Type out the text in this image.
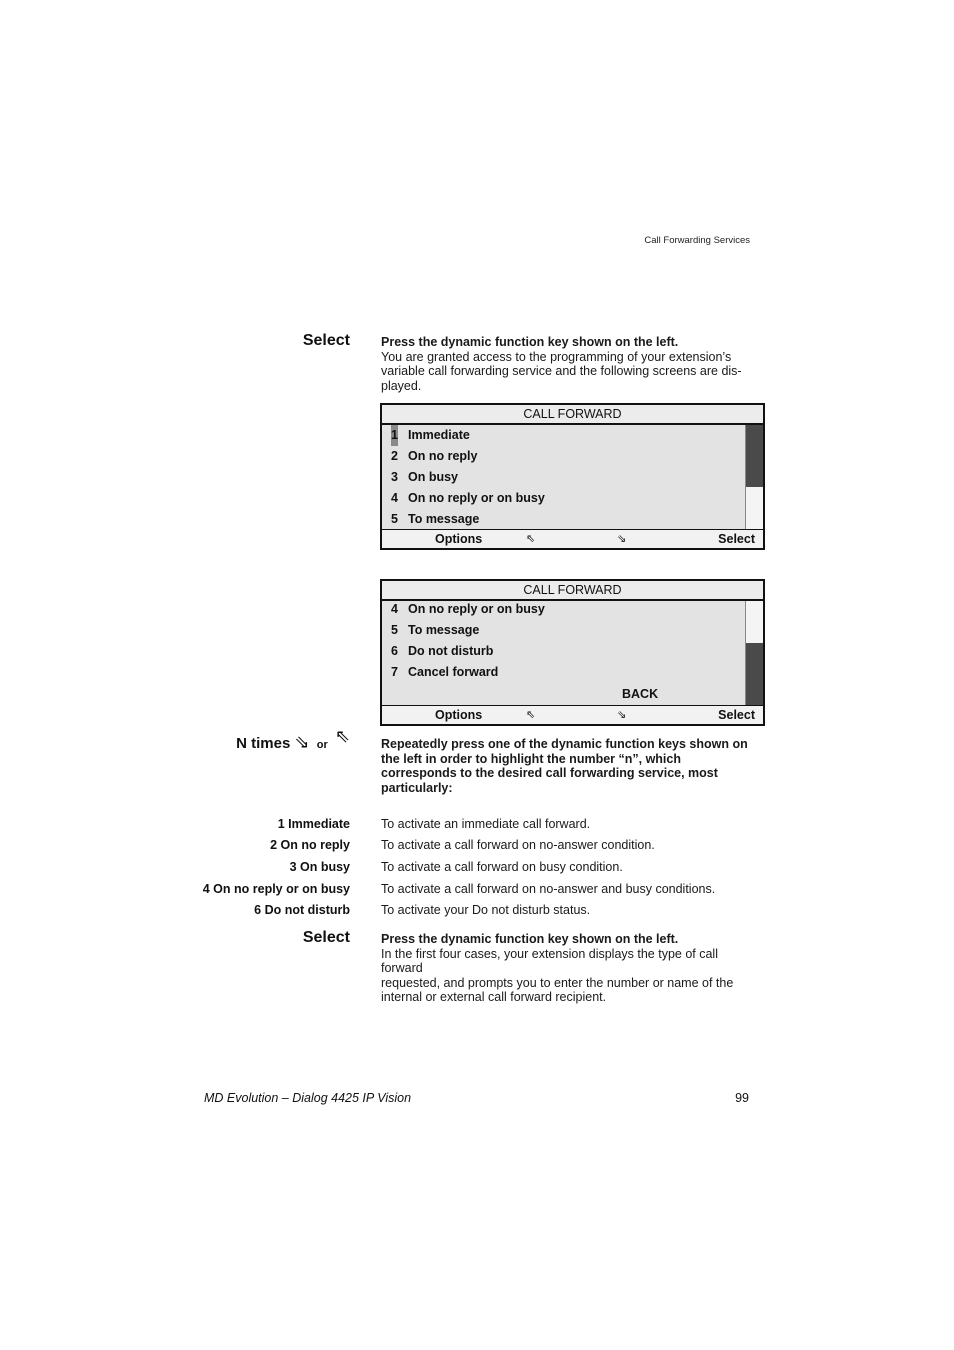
Call Forwarding Services
Select Press the dynamic function key shown on the left.
You are granted access to the programming of your extension’s
variable call forwarding service and the following screens are dis-
played.
CALL FORWARD
1 Immediate
2 On no reply
3 On busy
4 On no reply or on busy
5 To message
Options	⇖	⇘	Select
CALL FORWARD
4 On no reply or on busy
5 To message
6 Do not disturb
7 Cancel forward
BACK
Options	⇖	⇘	Select
N times ⇘ or ⇖ Repeatedly press one of the dynamic function keys shown on
the left in order to highlight the number “n”, which
corresponds to the desired call forwarding service, most
particularly:
1 Immediate To activate an immediate call forward.
2 On no reply To activate a call forward on no-answer condition.
3 On busy To activate a call forward on busy condition.
4 On no reply or on busy To activate a call forward on no-answer and busy conditions.
6 Do not disturb To activate your Do not disturb status.
Select Press the dynamic function key shown on the left.
In the first four cases, your extension displays the type of call forward
requested, and prompts you to enter the number or name of the
internal or external call forward recipient.
MD Evolution – Dialog 4425 IP Vision	99
